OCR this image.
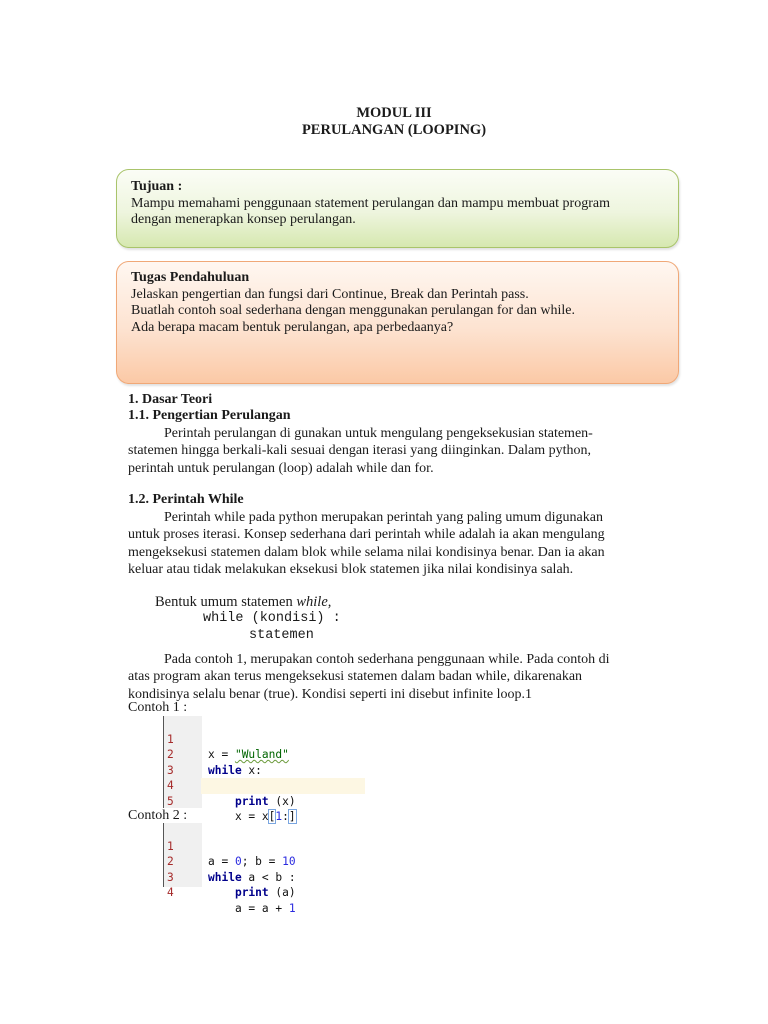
MODUL III
PERULANGAN (LOOPING)
Tujuan :
Mampu memahami penggunaan statement perulangan dan mampu membuat program
dengan menerapkan konsep perulangan.
Tugas Pendahuluan
Jelaskan pengertian dan fungsi dari Continue, Break dan Perintah pass.
Buatlah contoh soal sederhana dengan menggunakan perulangan for dan while.
Ada berapa macam bentuk perulangan, apa perbedaanya?
1. Dasar Teori
1.1. Pengertian Perulangan
Perintah perulangan di gunakan untuk mengulang pengeksekusian statemen-
statemen hingga berkali-kali sesuai dengan iterasi yang diinginkan. Dalam python,
perintah untuk perulangan (loop) adalah while dan for.
1.2. Perintah While
Perintah while pada python merupakan perintah yang paling umum digunakan
untuk proses iterasi. Konsep sederhana dari perintah while adalah ia akan mengulang
mengeksekusi statemen dalam blok while selama nilai kondisinya benar. Dan ia akan
keluar atau tidak melakukan eksekusi blok statemen jika nilai kondisinya salah.
Bentuk umum statemen while,
while (kondisi) :
statemen
Pada contoh 1, merupakan contoh sederhana penggunaan while. Pada contoh di
atas program akan terus mengeksekusi statemen dalam badan while, dikarenakan
kondisinya selalu benar (true). Kondisi seperti ini disebut infinite loop.1
Contoh 1 :

1

x = "Wuland"

2

while x:

3

4

print (x)

5

x = x[1:]

Contoh 2 :

1

a = 0; b = 10

2

while a < b :

3

print (a)

4

a = a + 1
